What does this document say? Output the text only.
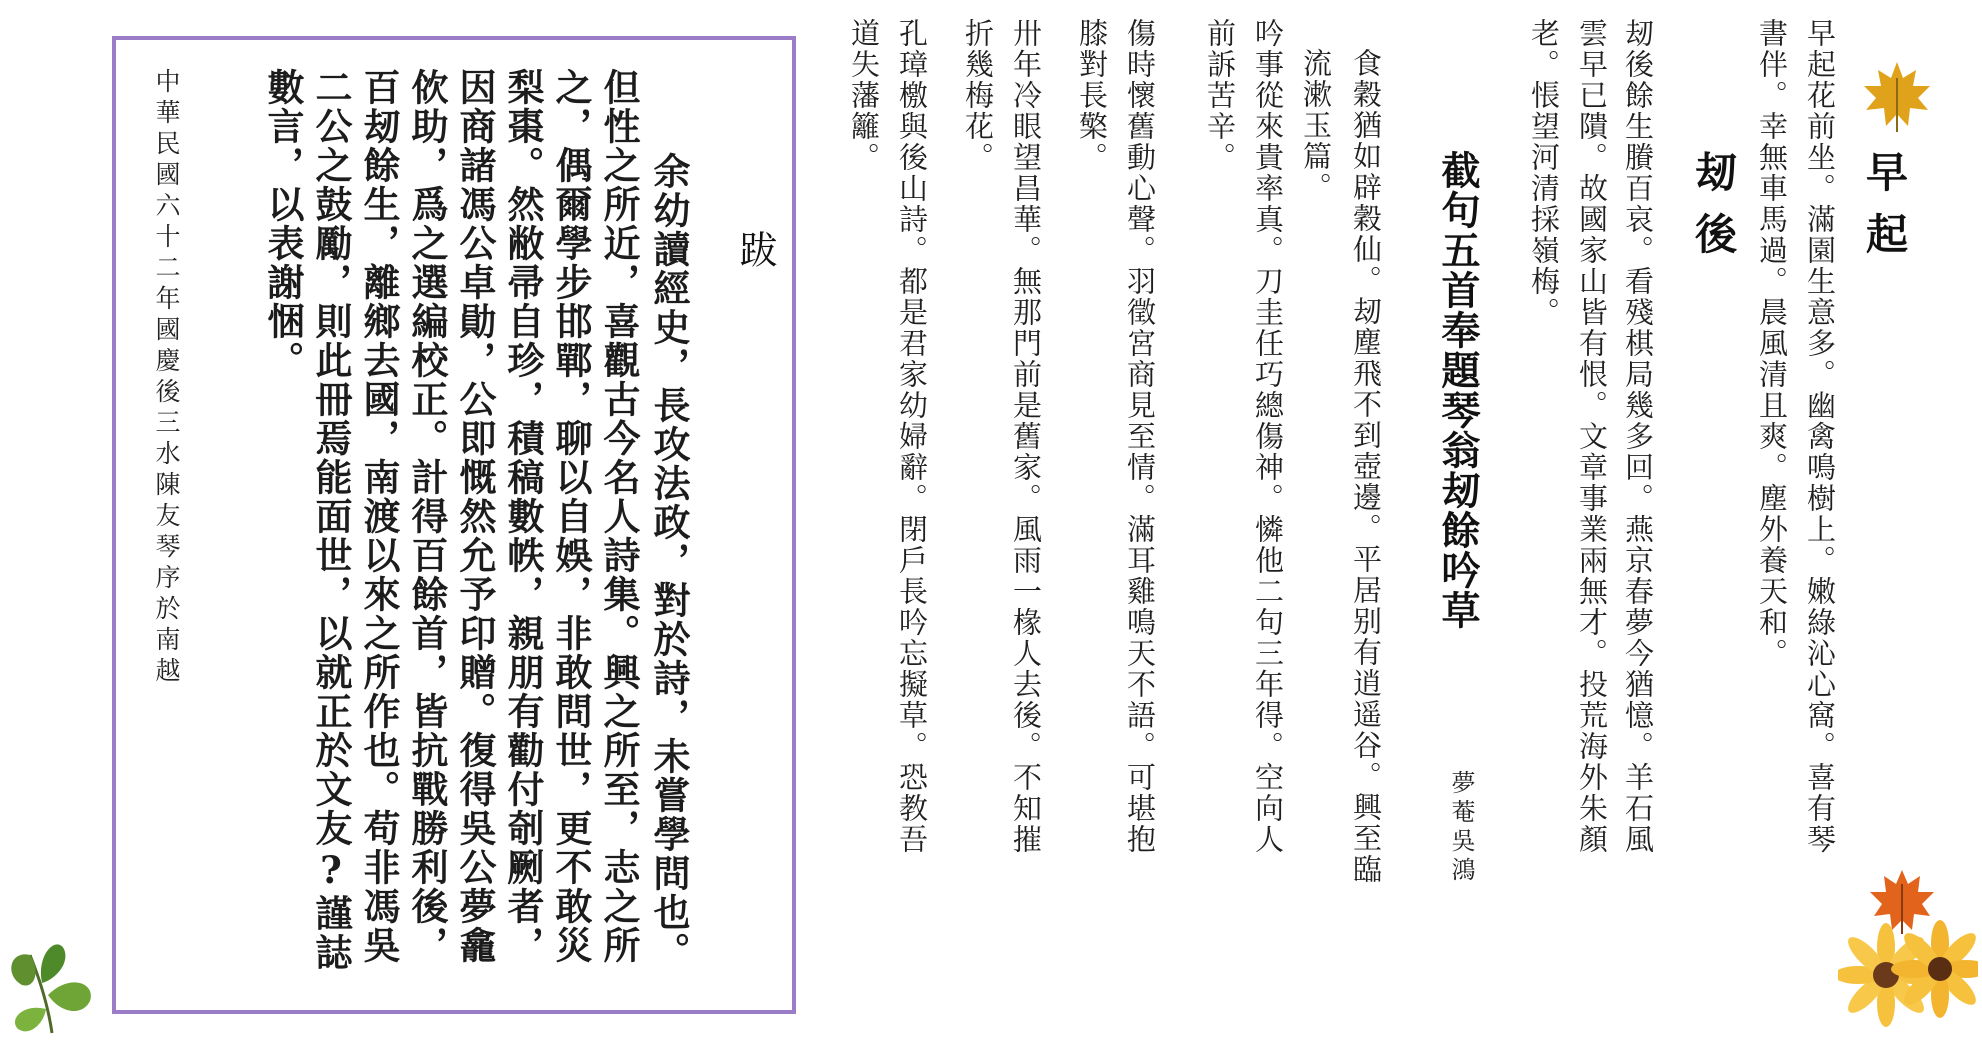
跋
余幼讀經史，長攻法政，對於詩，未嘗學問也。
但性之所近，喜觀古今名人詩集。興之所至，志之所
之，偶爾學步邯鄲，聊以自娛，非敢問世，更不敢災
梨棗。然敝帚自珍，積稿數帙，親朋有勸付剞劂者，
因商諸馮公卓勛，公即慨然允予印贈。復得吳公夢龕
佽助，爲之選編校正。計得百餘首，皆抗戰勝利後，
百刼餘生，離鄉去國，南渡以來之所作也。苟非馮吳
二公之鼓勵，則此冊焉能面世，以就正於文友?謹誌
數言，以表謝悃。
中華民國六十二年國慶後三水陳友琴序於南越	早起
早起花前坐。滿園生意多。幽禽鳴樹上。嫩綠沁心窩。喜有琴
書伴。幸無車馬過。晨風清且爽。塵外養天和。
刼後
刼後餘生賸百哀。看殘棋局幾多回。燕京春夢今猶憶。羊石風
雲早已隤。故國家山皆有恨。文章事業兩無才。投荒海外朱顏
老。悵望河清採嶺梅。
截句五首奉題琴翁刼餘吟草
夢菴吳鴻
食穀猶如辟穀仙。刼塵飛不到壺邊。平居别有逍遥谷。興至臨
流漱玉篇。
吟事從來貴率真。刀圭任巧總傷神。憐他二句三年得。空向人
前訴苦辛。
傷時懷舊動心聲。羽徵宮商見至情。滿耳雞鳴天不語。可堪抱
膝對長檠。
卅年冷眼望昌華。無那門前是舊家。風雨一椽人去後。不知摧
折幾梅花。
孔璋檄與後山詩。都是君家幼婦辭。閉戶長吟忘擬草。恐教吾
道失藩籬。
